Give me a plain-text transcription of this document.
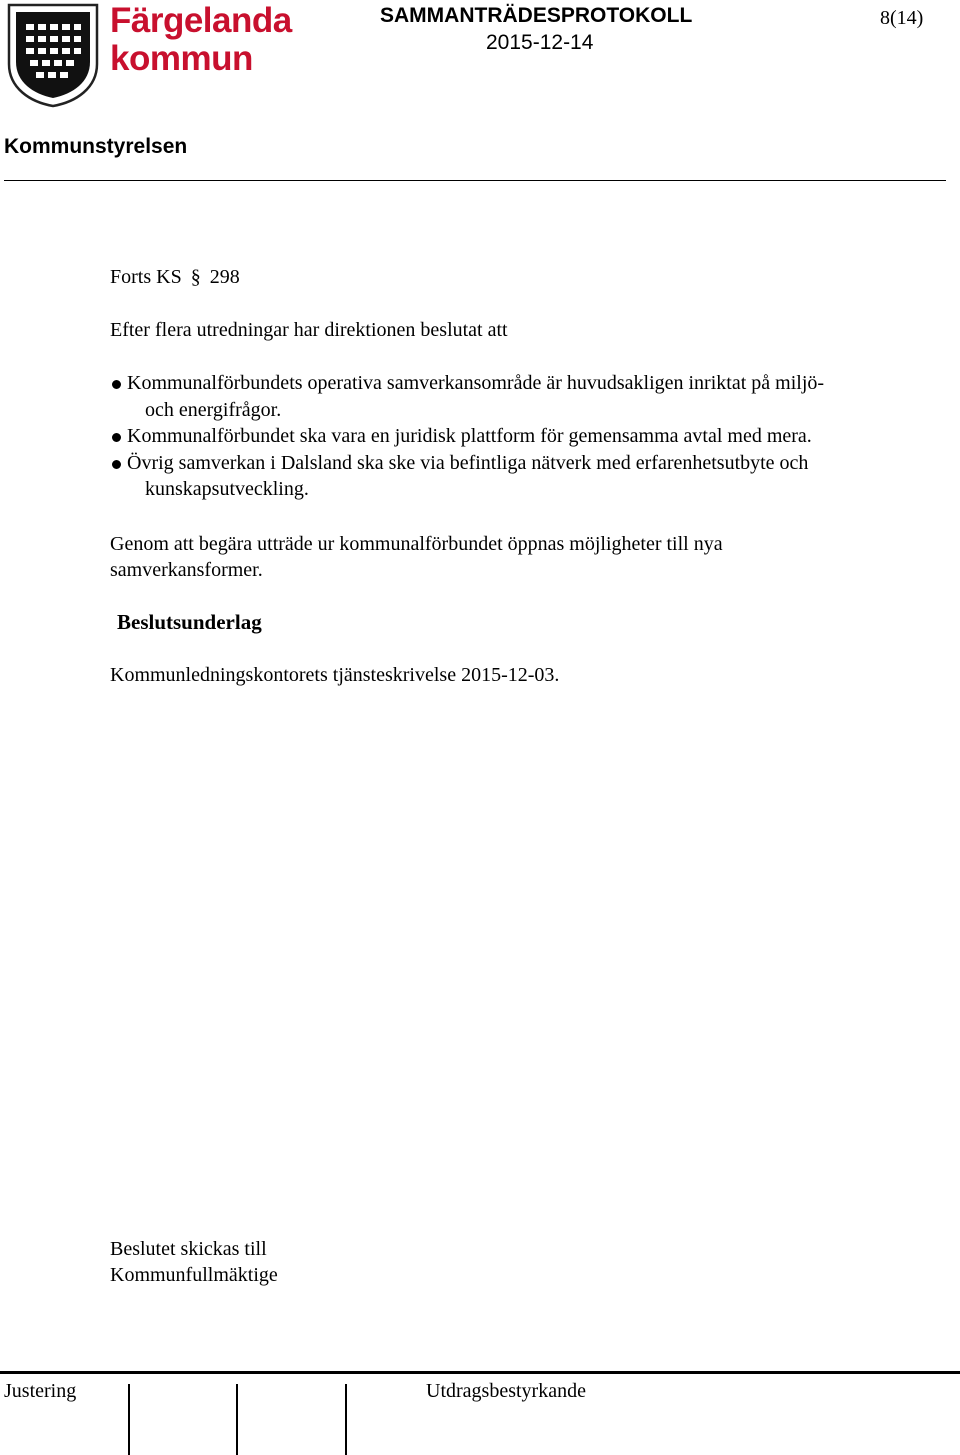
Färgelanda
kommun
SAMMANTRÄDESPROTOKOLL
2015-12-14
8(14)
Kommunstyrelsen
Forts KS § 298
Efter flera utredningar har direktionen beslutat att
Kommunalförbundets operativa samverkansområde är huvudsakligen inriktat på miljö-
och energifrågor.
Kommunalförbundet ska vara en juridisk plattform för gemensamma avtal med mera.
Övrig samverkan i Dalsland ska ske via befintliga nätverk med erfarenhetsutbyte och
kunskapsutveckling.
Genom att begära utträde ur kommunalförbundet öppnas möjligheter till nya
samverkansformer.
Beslutsunderlag
Kommunledningskontorets tjänsteskrivelse 2015-12-03.
Beslutet skickas till
Kommunfullmäktige
Justering	Utdragsbestyrkande
